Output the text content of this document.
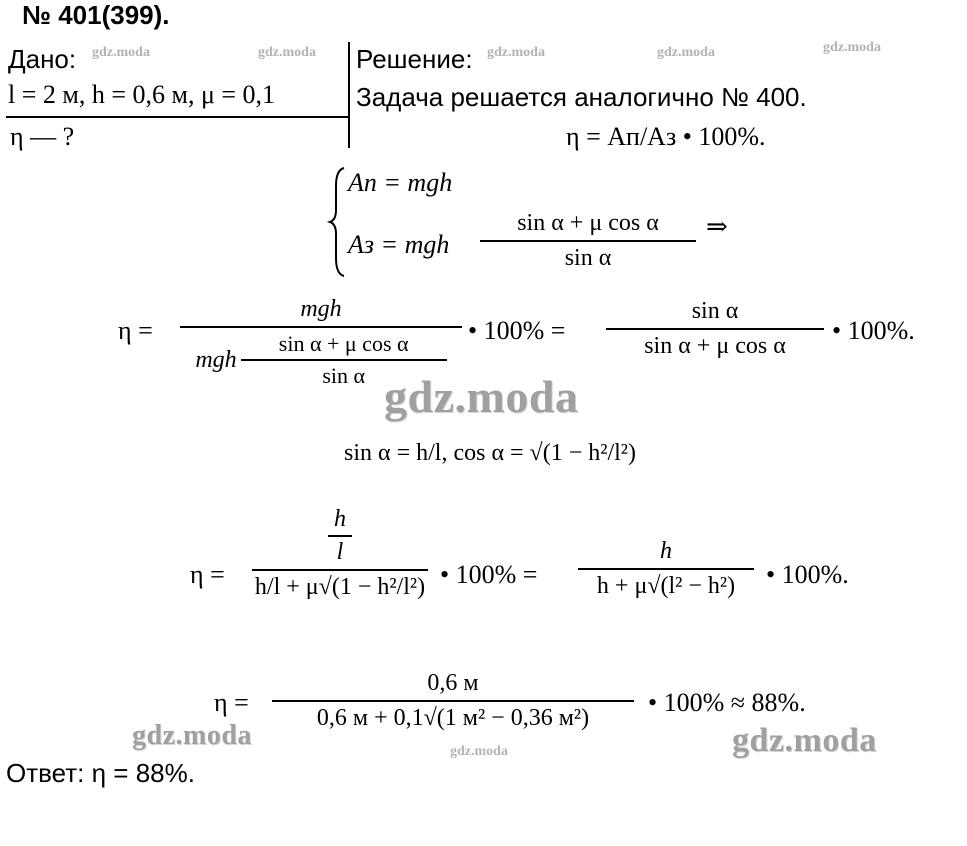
gdz.moda	gdz.moda	gdz.moda	gdz.moda	gdz.moda
gdz.moda
gdz.moda
gdz.moda	gdz.moda
№ 401(399).
Дано:
l = 2 м, h = 0,6 м, μ = 0,1
η — ?
Решение:
Задача решается аналогично № 400.
η = Aп/Aз • 100%.
Aп = mgh
Aз = mgh
sin α + μ cos α
sin α
⇒
η =
mgh
mgh
sin α + μ cos α
sin α
• 100% =
sin α
sin α + μ cos α
• 100%.
sin α = h/l, cos α = √(1 − h²/l²)
η =
h
l
h/l + μ√(1 − h²/l²) • 100% =
h
h + μ√(l² − h²) • 100%.
η =
0,6 м
0,6 м + 0,1√(1 м² − 0,36 м²)
• 100% ≈ 88%.
Ответ: η = 88%.
